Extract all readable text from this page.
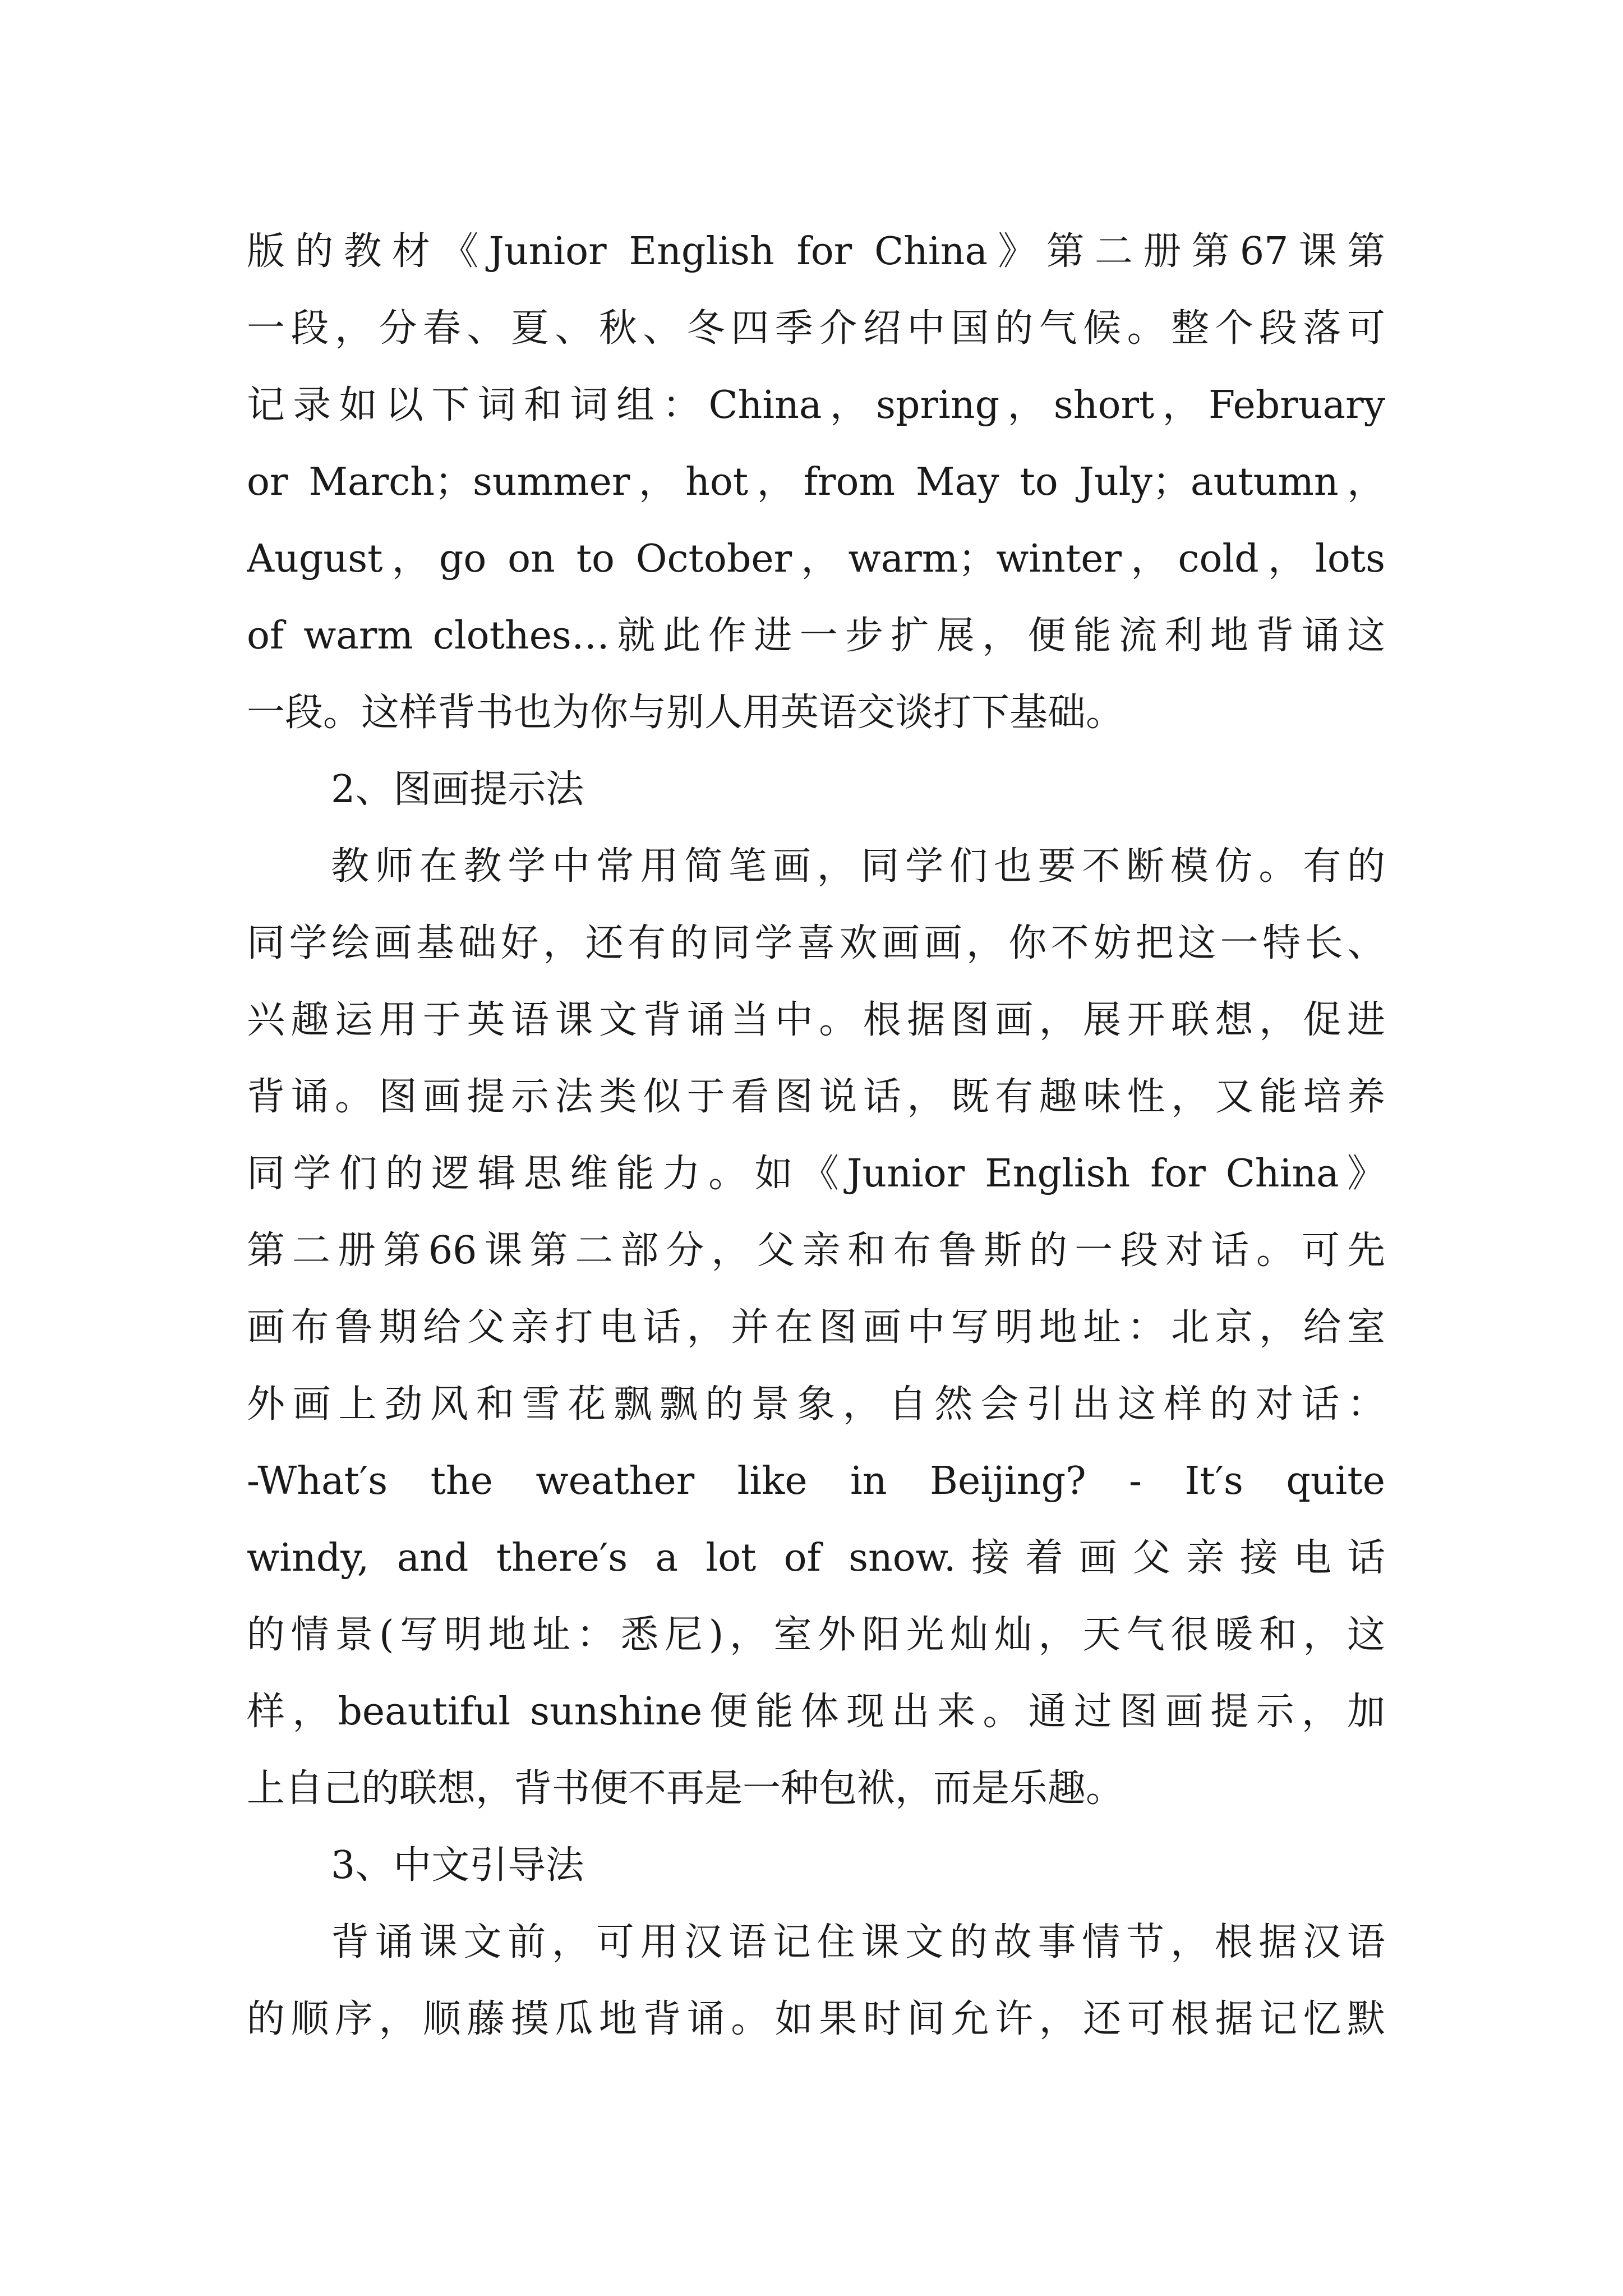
版的教材《Junior English for China》第二册第67课第
一段，分春、夏、秋、冬四季介绍中国的气候。整个段落可
记录如以下词和词组：China，spring，short，February
or March；summer，hot，from May to July；autumn，
August，go on to October，warm；winter，cold，lots
of warm clothes…就此作进一步扩展，便能流利地背诵这
一段。这样背书也为你与别人用英语交谈打下基础。
2、图画提示法
教师在教学中常用简笔画，同学们也要不断模仿。有的
同学绘画基础好，还有的同学喜欢画画，你不妨把这一特长、
兴趣运用于英语课文背诵当中。根据图画，展开联想，促进
背诵。图画提示法类似于看图说话，既有趣味性，又能培养
同学们的逻辑思维能力。如《Junior English for China》
第二册第66课第二部分，父亲和布鲁斯的一段对话。可先
画布鲁期给父亲打电话，并在图画中写明地址：北京，给室
外画上劲风和雪花飘飘的景象，自然会引出这样的对话：
-What′s the weather like in Beijing? - It′s quite
windy, and there′s a lot of snow.接着画父亲接电话
的情景(写明地址：悉尼)，室外阳光灿灿，天气很暖和，这
样，beautiful sunshine便能体现出来。通过图画提示，加
上自己的联想，背书便不再是一种包袱，而是乐趣。
3、中文引导法
背诵课文前，可用汉语记住课文的故事情节，根据汉语
的顺序，顺藤摸瓜地背诵。如果时间允许，还可根据记忆默
